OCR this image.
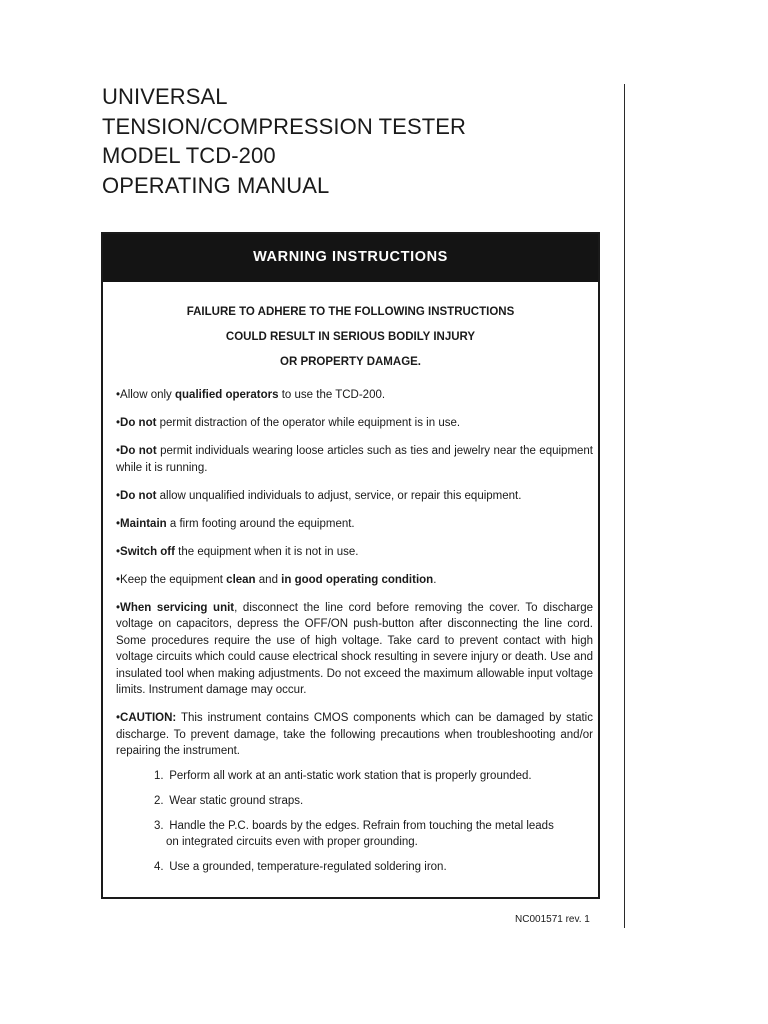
UNIVERSAL
TENSION/COMPRESSION TESTER
MODEL TCD-200
OPERATING MANUAL
WARNING INSTRUCTIONS
FAILURE TO ADHERE TO THE FOLLOWING INSTRUCTIONS
COULD RESULT IN SERIOUS BODILY INJURY
OR PROPERTY DAMAGE.

•Allow only qualified operators to use the TCD-200.

•Do not permit distraction of the operator while equipment is in use.

•Do not permit individuals wearing loose articles such as ties and jewelry near the equipment while it is running.

•Do not allow unqualified individuals to adjust, service, or repair this equipment.

•Maintain a firm footing around the equipment.

•Switch off the equipment when it is not in use.

•Keep the equipment clean and in good operating condition.

•When servicing unit, disconnect the line cord before removing the cover. To discharge voltage on capacitors, depress the OFF/ON push-button after disconnecting the line cord. Some procedures require the use of high voltage. Take card to prevent contact with high voltage circuits which could cause electrical shock resulting in severe injury or death. Use and insulated tool when making adjustments. Do not exceed the maximum allowable input voltage limits. Instrument damage may occur.

•CAUTION: This instrument contains CMOS components which can be damaged by static discharge. To prevent damage, take the following precautions when troubleshooting and/or repairing the instrument.

1. Perform all work at an anti-static work station that is properly grounded.
2. Wear static ground straps.
3. Handle the P.C. boards by the edges. Refrain from touching the metal leads
on integrated circuits even with proper grounding.
4. Use a grounded, temperature-regulated soldering iron.
NC001571 rev. 1
